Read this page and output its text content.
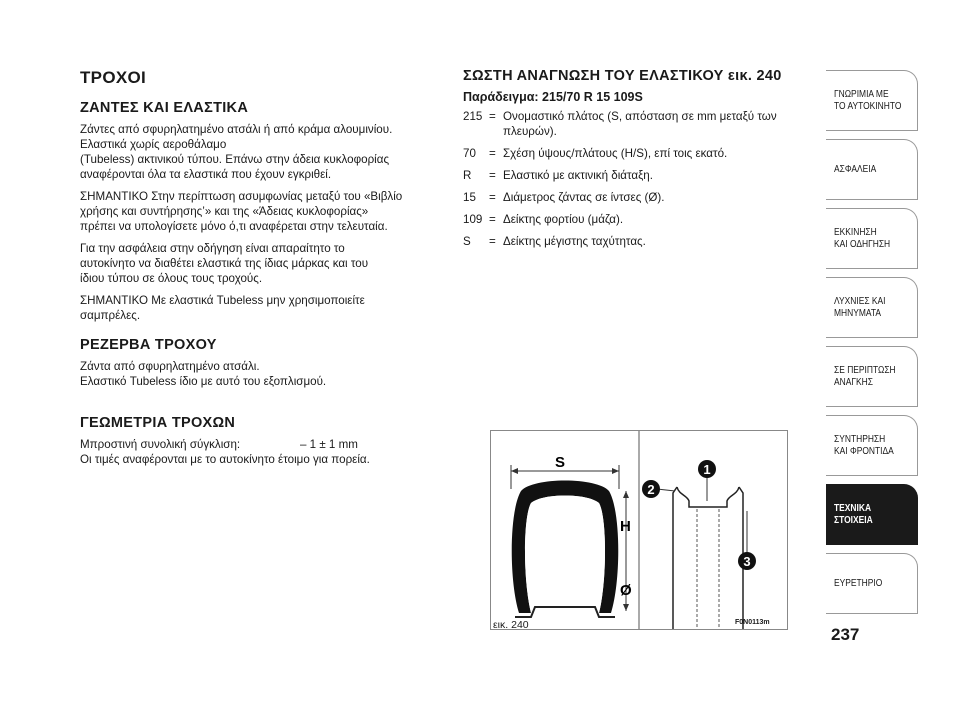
ΤΡΟΧΟΙ
ΖΑΝΤΕΣ ΚΑΙ ΕΛΑΣΤΙΚΑ

Ζάντες από σφυρηλατημένο ατσάλι ή από κράμα αλουμινίου.
Ελαστικά χωρίς αεροθάλαμο
(Tubeless) ακτινικού τύπου. Επάνω στην άδεια κυκλοφορίας
αναφέρονται όλα τα ελαστικά που έχουν εγκριθεί.

ΣΗΜΑΝΤΙΚΟ Στην περίπτωση ασυμφωνίας μεταξύ του «Βιβλίο
χρήσης και συντήρησης’» και της «Άδειας κυκλοφορίας»
πρέπει να υπολογίσετε μόνο ό,τι αναφέρεται στην τελευταία.

Για την ασφάλεια στην οδήγηση είναι απαραίτητο το
αυτοκίνητο να διαθέτει ελαστικά της ίδιας μάρκας και του
ίδιου τύπου σε όλους τους τροχούς.

ΣΗΜΑΝΤΙΚΟ Με ελαστικά Tubeless μην χρησιμοποιείτε
σαμπρέλες.

ΡΕΖΕΡΒΑ ΤΡΟΧΟΥ

Ζάντα από σφυρηλατημένο ατσάλι.
Ελαστικό Tubeless ίδιο με αυτό του εξοπλισμού.

ΓΕΩΜΕΤΡΙΑ ΤΡΟΧΩΝ
Μπροστινή συνολική σύγκλιση:	– 1 ± 1 mm

Οι τιμές αναφέρονται με το αυτοκίνητο έτοιμο για πορεία.

ΣΩΣΤΗ ΑΝΑΓΝΩΣΗ ΤΟΥ ΕΛΑΣΤΙΚΟΥ εικ. 240
Παράδειγμα: 215/70 R 15 109S
215 = Ονομαστικό πλάτος (S, απόσταση σε mm μεταξύ των
πλευρών).
70	= Σχέση ύψους/πλάτους (H/S), επί τοις εκατό.
R	= Ελαστικό με ακτινική διάταξη.
15	= Διάμετρος ζάντας σε ίντσες (Ø).
109 = Δείκτης φορτίου (μάζα).
S	= Δείκτης μέγιστης ταχύτητας.
S
H
Ø
1
2
3
εικ. 240	F0N0113m
ΓΝΩΡΙΜΙΑ ΜΕ
ΤΟ ΑΥΤΟΚΙΝΗΤΟ
ΑΣΦΑΛΕΙΑ
ΕΚΚΙΝΗΣΗ
ΚΑΙ ΟΔΗΓΗΣΗ
ΛΥΧΝΙΕΣ ΚΑΙ
ΜΗΝΥΜΑΤΑ
ΣΕ ΠΕΡΙΠΤΩΣΗ
ΑΝΑΓΚΗΣ
ΣΥΝΤΗΡΗΣΗ
ΚΑΙ ΦΡΟΝΤΙΔΑ
ΤΕΧΝΙΚΑ
ΣΤΟΙΧΕΙΑ
ΕΥΡΕΤΗΡΙΟ
237
